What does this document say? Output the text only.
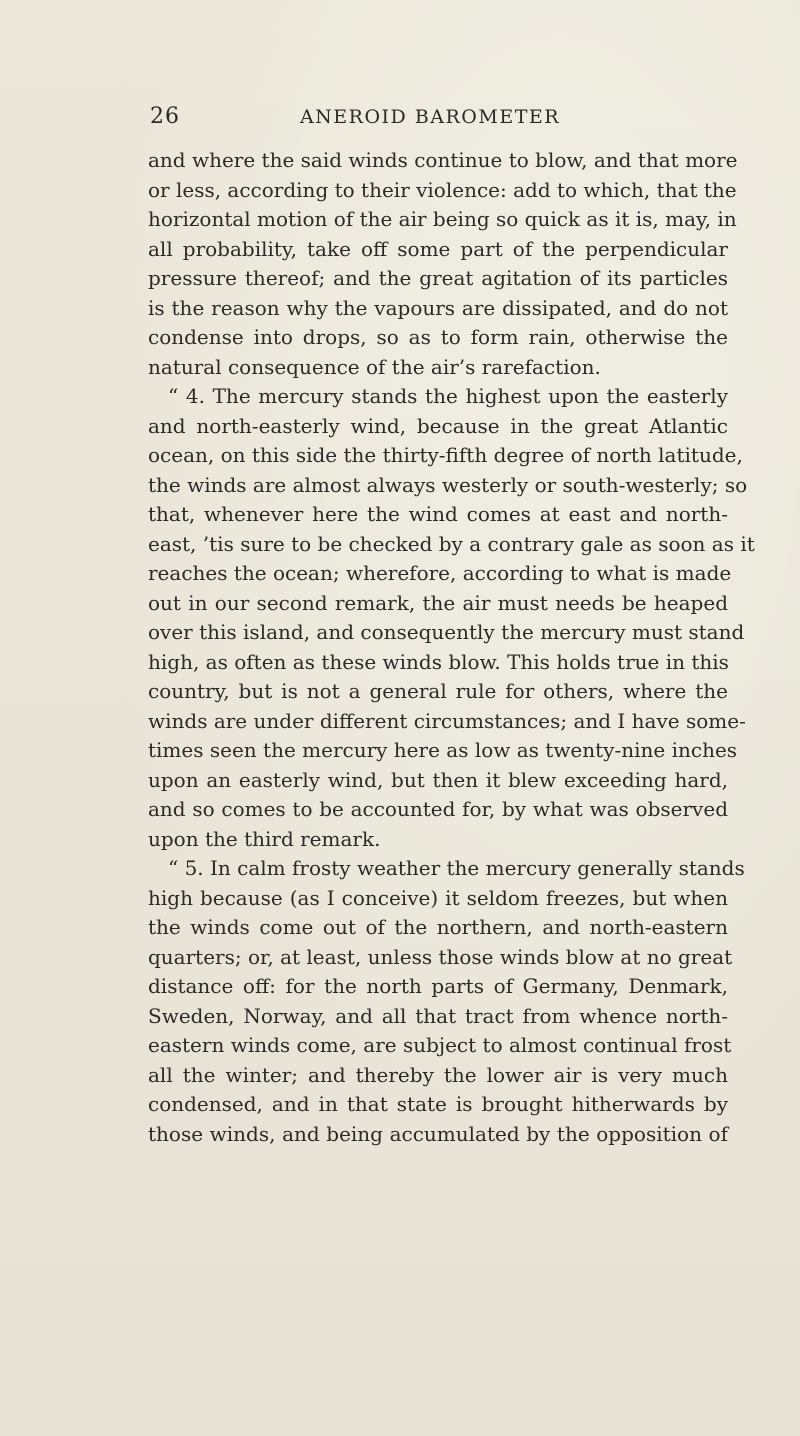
26	ANEROID BAROMETER
and where the said winds continue to blow, and that more
or less, according to their violence: add to which, that the
horizontal motion of the air being so quick as it is, may, in
all probability, take off some part of the perpendicular
pressure thereof; and the great agitation of its particles
is the reason why the vapours are dissipated, and do not
condense into drops, so as to form rain, otherwise the
natural consequence of the air’s rarefaction.
“ 4. The mercury stands the highest upon the easterly
and north-easterly wind, because in the great Atlantic
ocean, on this side the thirty-fifth degree of north latitude,
the winds are almost always westerly or south-westerly; so
that, whenever here the wind comes at east and north-
east, ’tis sure to be checked by a contrary gale as soon as it
reaches the ocean; wherefore, according to what is made
out in our second remark, the air must needs be heaped
over this island, and consequently the mercury must stand
high, as often as these winds blow. This holds true in this
country, but is not a general rule for others, where the
winds are under different circumstances; and I have some-
times seen the mercury here as low as twenty-nine inches
upon an easterly wind, but then it blew exceeding hard,
and so comes to be accounted for, by what was observed
upon the third remark.
“ 5. In calm frosty weather the mercury generally stands
high because (as I conceive) it seldom freezes, but when
the winds come out of the northern, and north-eastern
quarters; or, at least, unless those winds blow at no great
distance off: for the north parts of Germany, Denmark,
Sweden, Norway, and all that tract from whence north-
eastern winds come, are subject to almost continual frost
all the winter; and thereby the lower air is very much
condensed, and in that state is brought hitherwards by
those winds, and being accumulated by the opposition of
